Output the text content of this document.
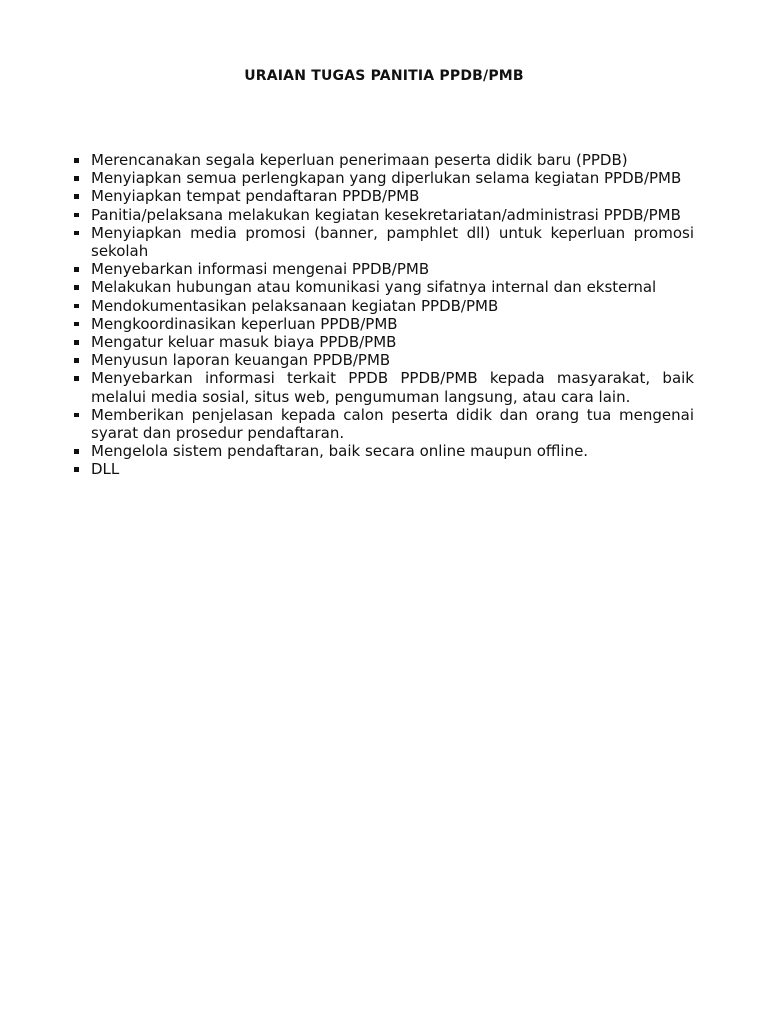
URAIAN TUGAS PANITIA PPDB/PMB
Merencanakan segala keperluan penerimaan peserta didik baru (PPDB)
Menyiapkan semua perlengkapan yang diperlukan selama kegiatan PPDB/PMB
Menyiapkan tempat pendaftaran PPDB/PMB
Panitia/pelaksana melakukan kegiatan kesekretariatan/administrasi PPDB/PMB
Menyiapkan media promosi (banner, pamphlet dll) untuk keperluan promosi sekolah
Menyebarkan informasi mengenai PPDB/PMB
Melakukan hubungan atau komunikasi yang sifatnya internal dan eksternal
Mendokumentasikan pelaksanaan kegiatan PPDB/PMB
Mengkoordinasikan keperluan PPDB/PMB
Mengatur keluar masuk biaya PPDB/PMB
Menyusun laporan keuangan PPDB/PMB
Menyebarkan informasi terkait PPDB PPDB/PMB kepada masyarakat, baik melalui media sosial, situs web, pengumuman langsung, atau cara lain.
Memberikan penjelasan kepada calon peserta didik dan orang tua mengenai syarat dan prosedur pendaftaran.
Mengelola sistem pendaftaran, baik secara online maupun offline.
DLL
